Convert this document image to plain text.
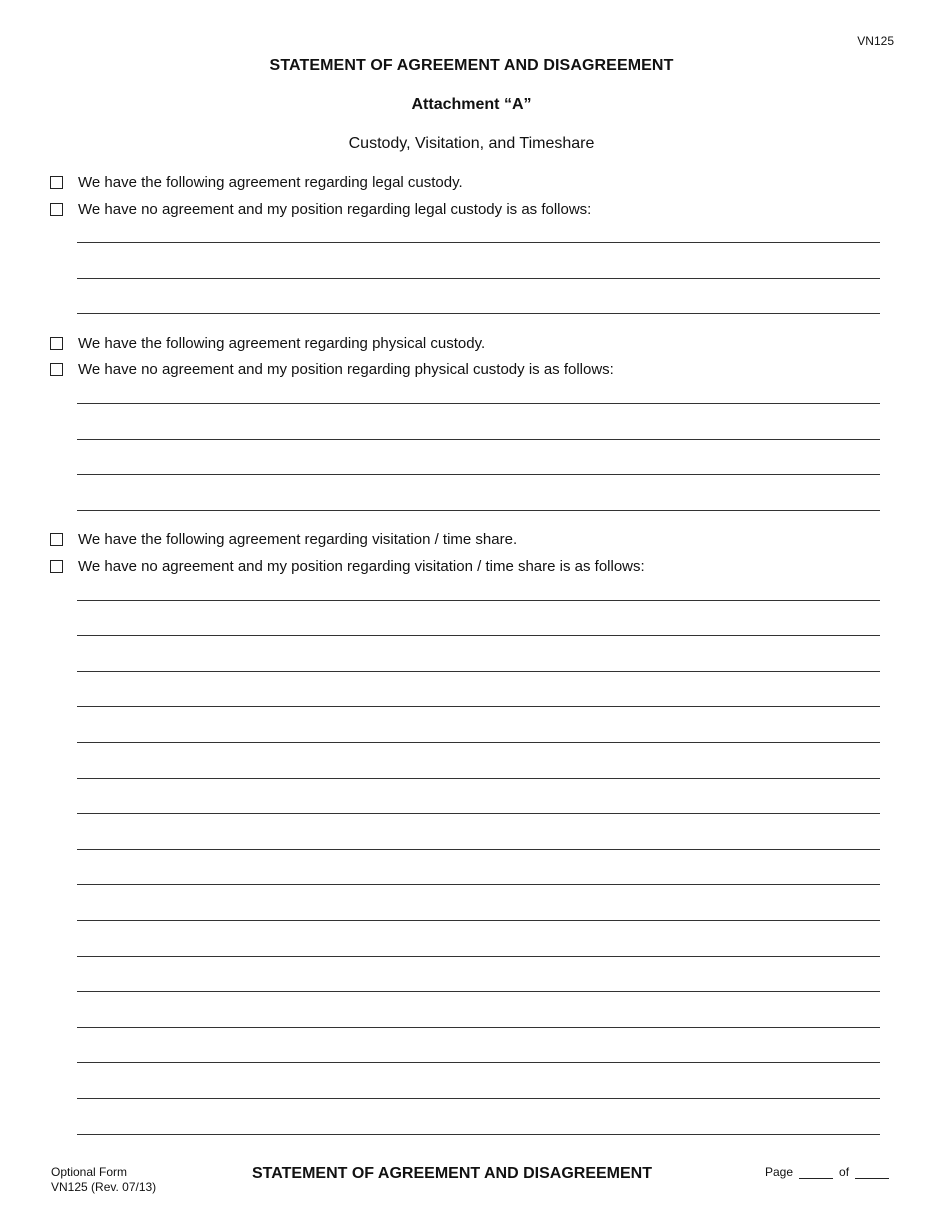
VN125
STATEMENT OF AGREEMENT AND DISAGREEMENT
Attachment “A”
Custody, Visitation, and Timeshare
We have the following agreement regarding legal custody.
We have no agreement and my position regarding legal custody is as follows:
We have the following agreement regarding physical custody.
We have no agreement and my position regarding physical custody is as follows:
We have the following agreement regarding visitation / time share.
We have no agreement and my position regarding visitation / time share is as follows:
Optional Form
VN125 (Rev. 07/13)
STATEMENT OF AGREEMENT AND DISAGREEMENT	Page	of
